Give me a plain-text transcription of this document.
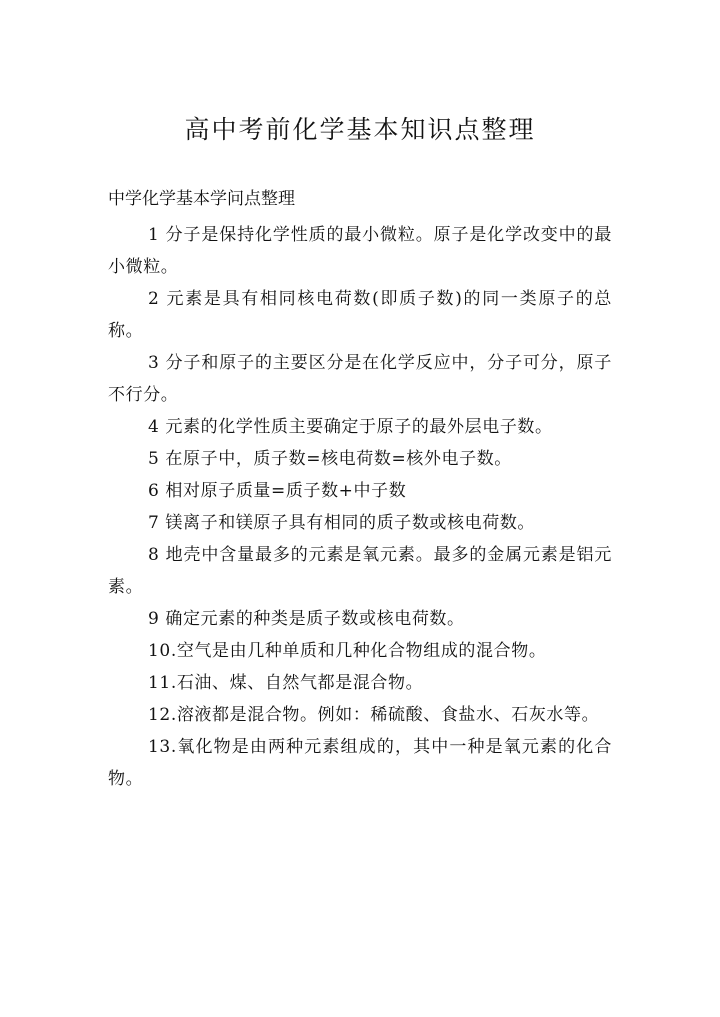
高中考前化学基本知识点整理
中学化学基本学问点整理

1 分子是保持化学性质的最小微粒。原子是化学改变中的最小微粒。

2 元素是具有相同核电荷数(即质子数)的同一类原子的总称。

3 分子和原子的主要区分是在化学反应中，分子可分，原子不行分。

4 元素的化学性质主要确定于原子的最外层电子数。

5 在原子中，质子数=核电荷数=核外电子数。

6 相对原子质量=质子数+中子数

7 镁离子和镁原子具有相同的质子数或核电荷数。

8 地壳中含量最多的元素是氧元素。最多的金属元素是铝元素。

9 确定元素的种类是质子数或核电荷数。

10.空气是由几种单质和几种化合物组成的混合物。

11.石油、煤、自然气都是混合物。

12.溶液都是混合物。例如：稀硫酸、食盐水、石灰水等。

13.氧化物是由两种元素组成的，其中一种是氧元素的化合物。
